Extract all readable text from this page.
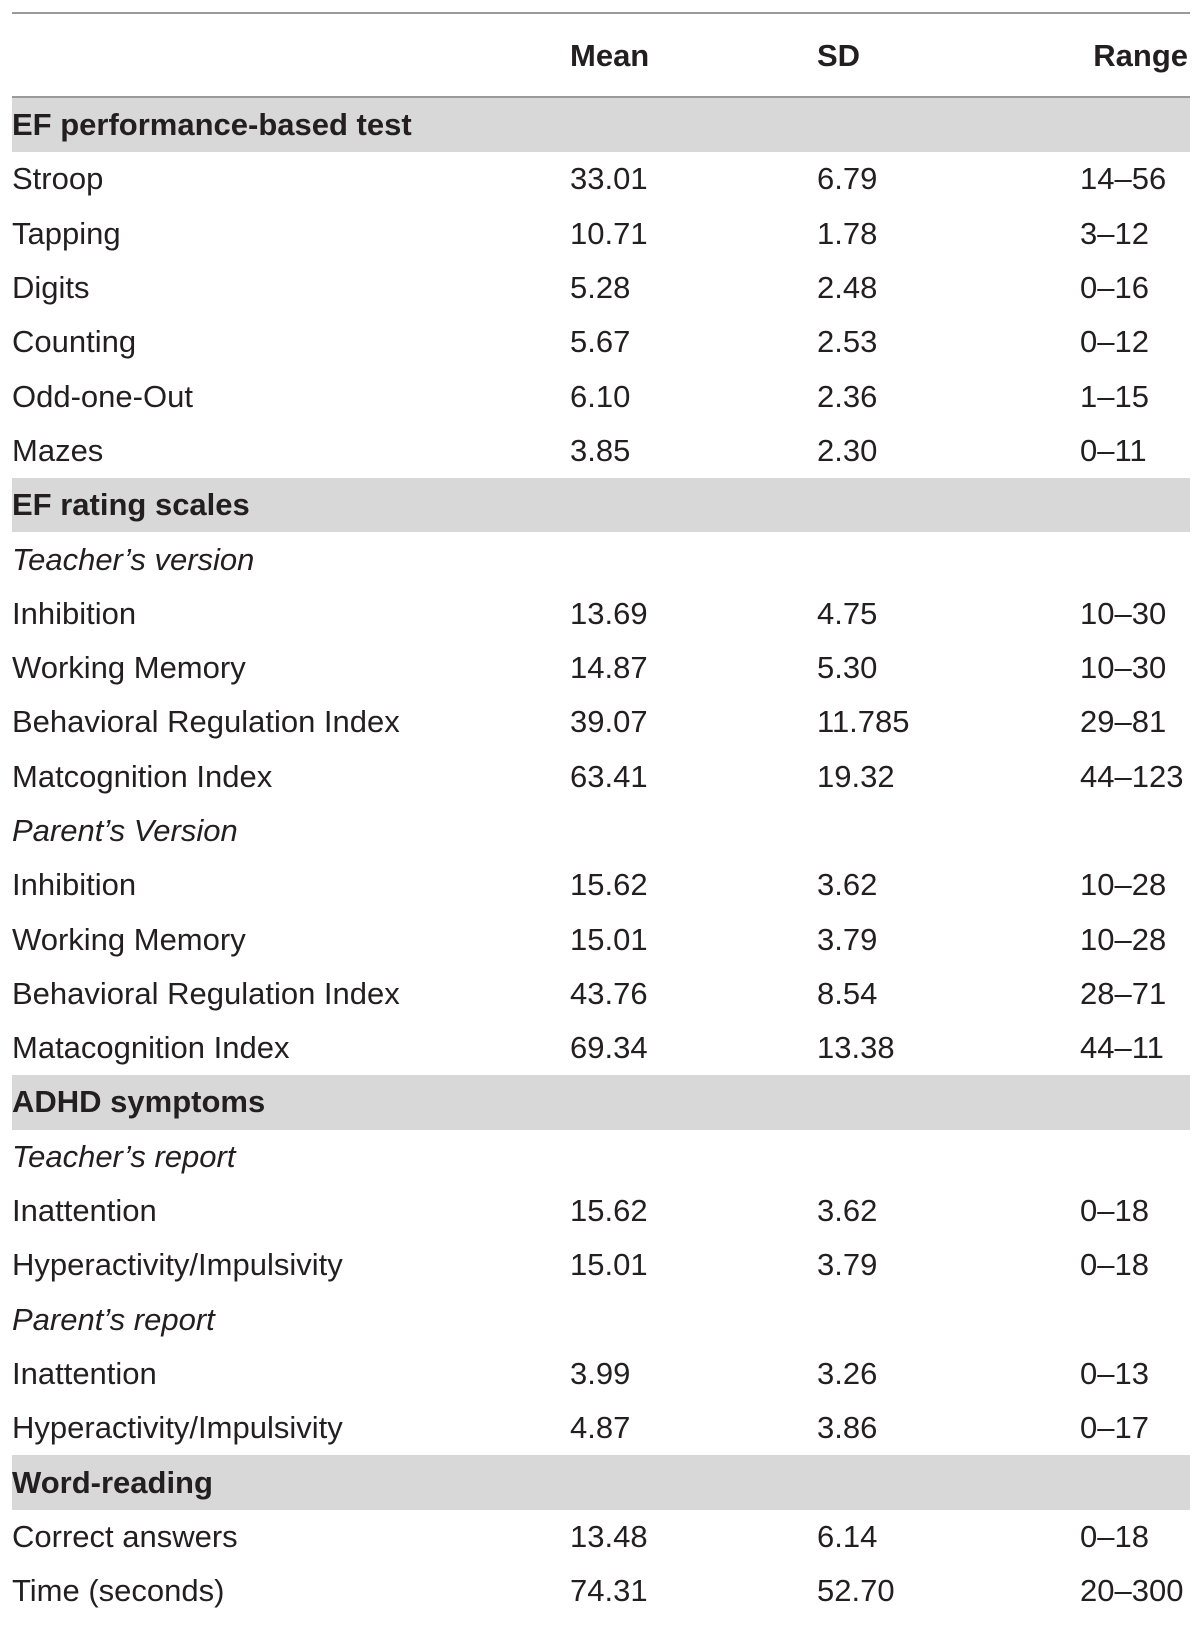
Mean	SD	Range
EF performance-based test
Stroop	33.01	6.79	14–56
Tapping	10.71	1.78	3–12
Digits	5.28	2.48	0–16
Counting	5.67	2.53	0–12
Odd-one-Out	6.10	2.36	1–15
Mazes	3.85	2.30	0–11
EF rating scales
Teacher’s version
Inhibition	13.69	4.75	10–30
Working Memory	14.87	5.30	10–30
Behavioral Regulation Index	39.07	11.785	29–81
Matcognition Index	63.41	19.32	44–123
Parent’s Version
Inhibition	15.62	3.62	10–28
Working Memory	15.01	3.79	10–28
Behavioral Regulation Index	43.76	8.54	28–71
Matacognition Index	69.34	13.38	44–11
ADHD symptoms
Teacher’s report
Inattention	15.62	3.62	0–18
Hyperactivity/Impulsivity	15.01	3.79	0–18
Parent’s report
Inattention	3.99	3.26	0–13
Hyperactivity/Impulsivity	4.87	3.86	0–17
Word-reading
Correct answers	13.48	6.14	0–18
Time (seconds)	74.31	52.70	20–300
